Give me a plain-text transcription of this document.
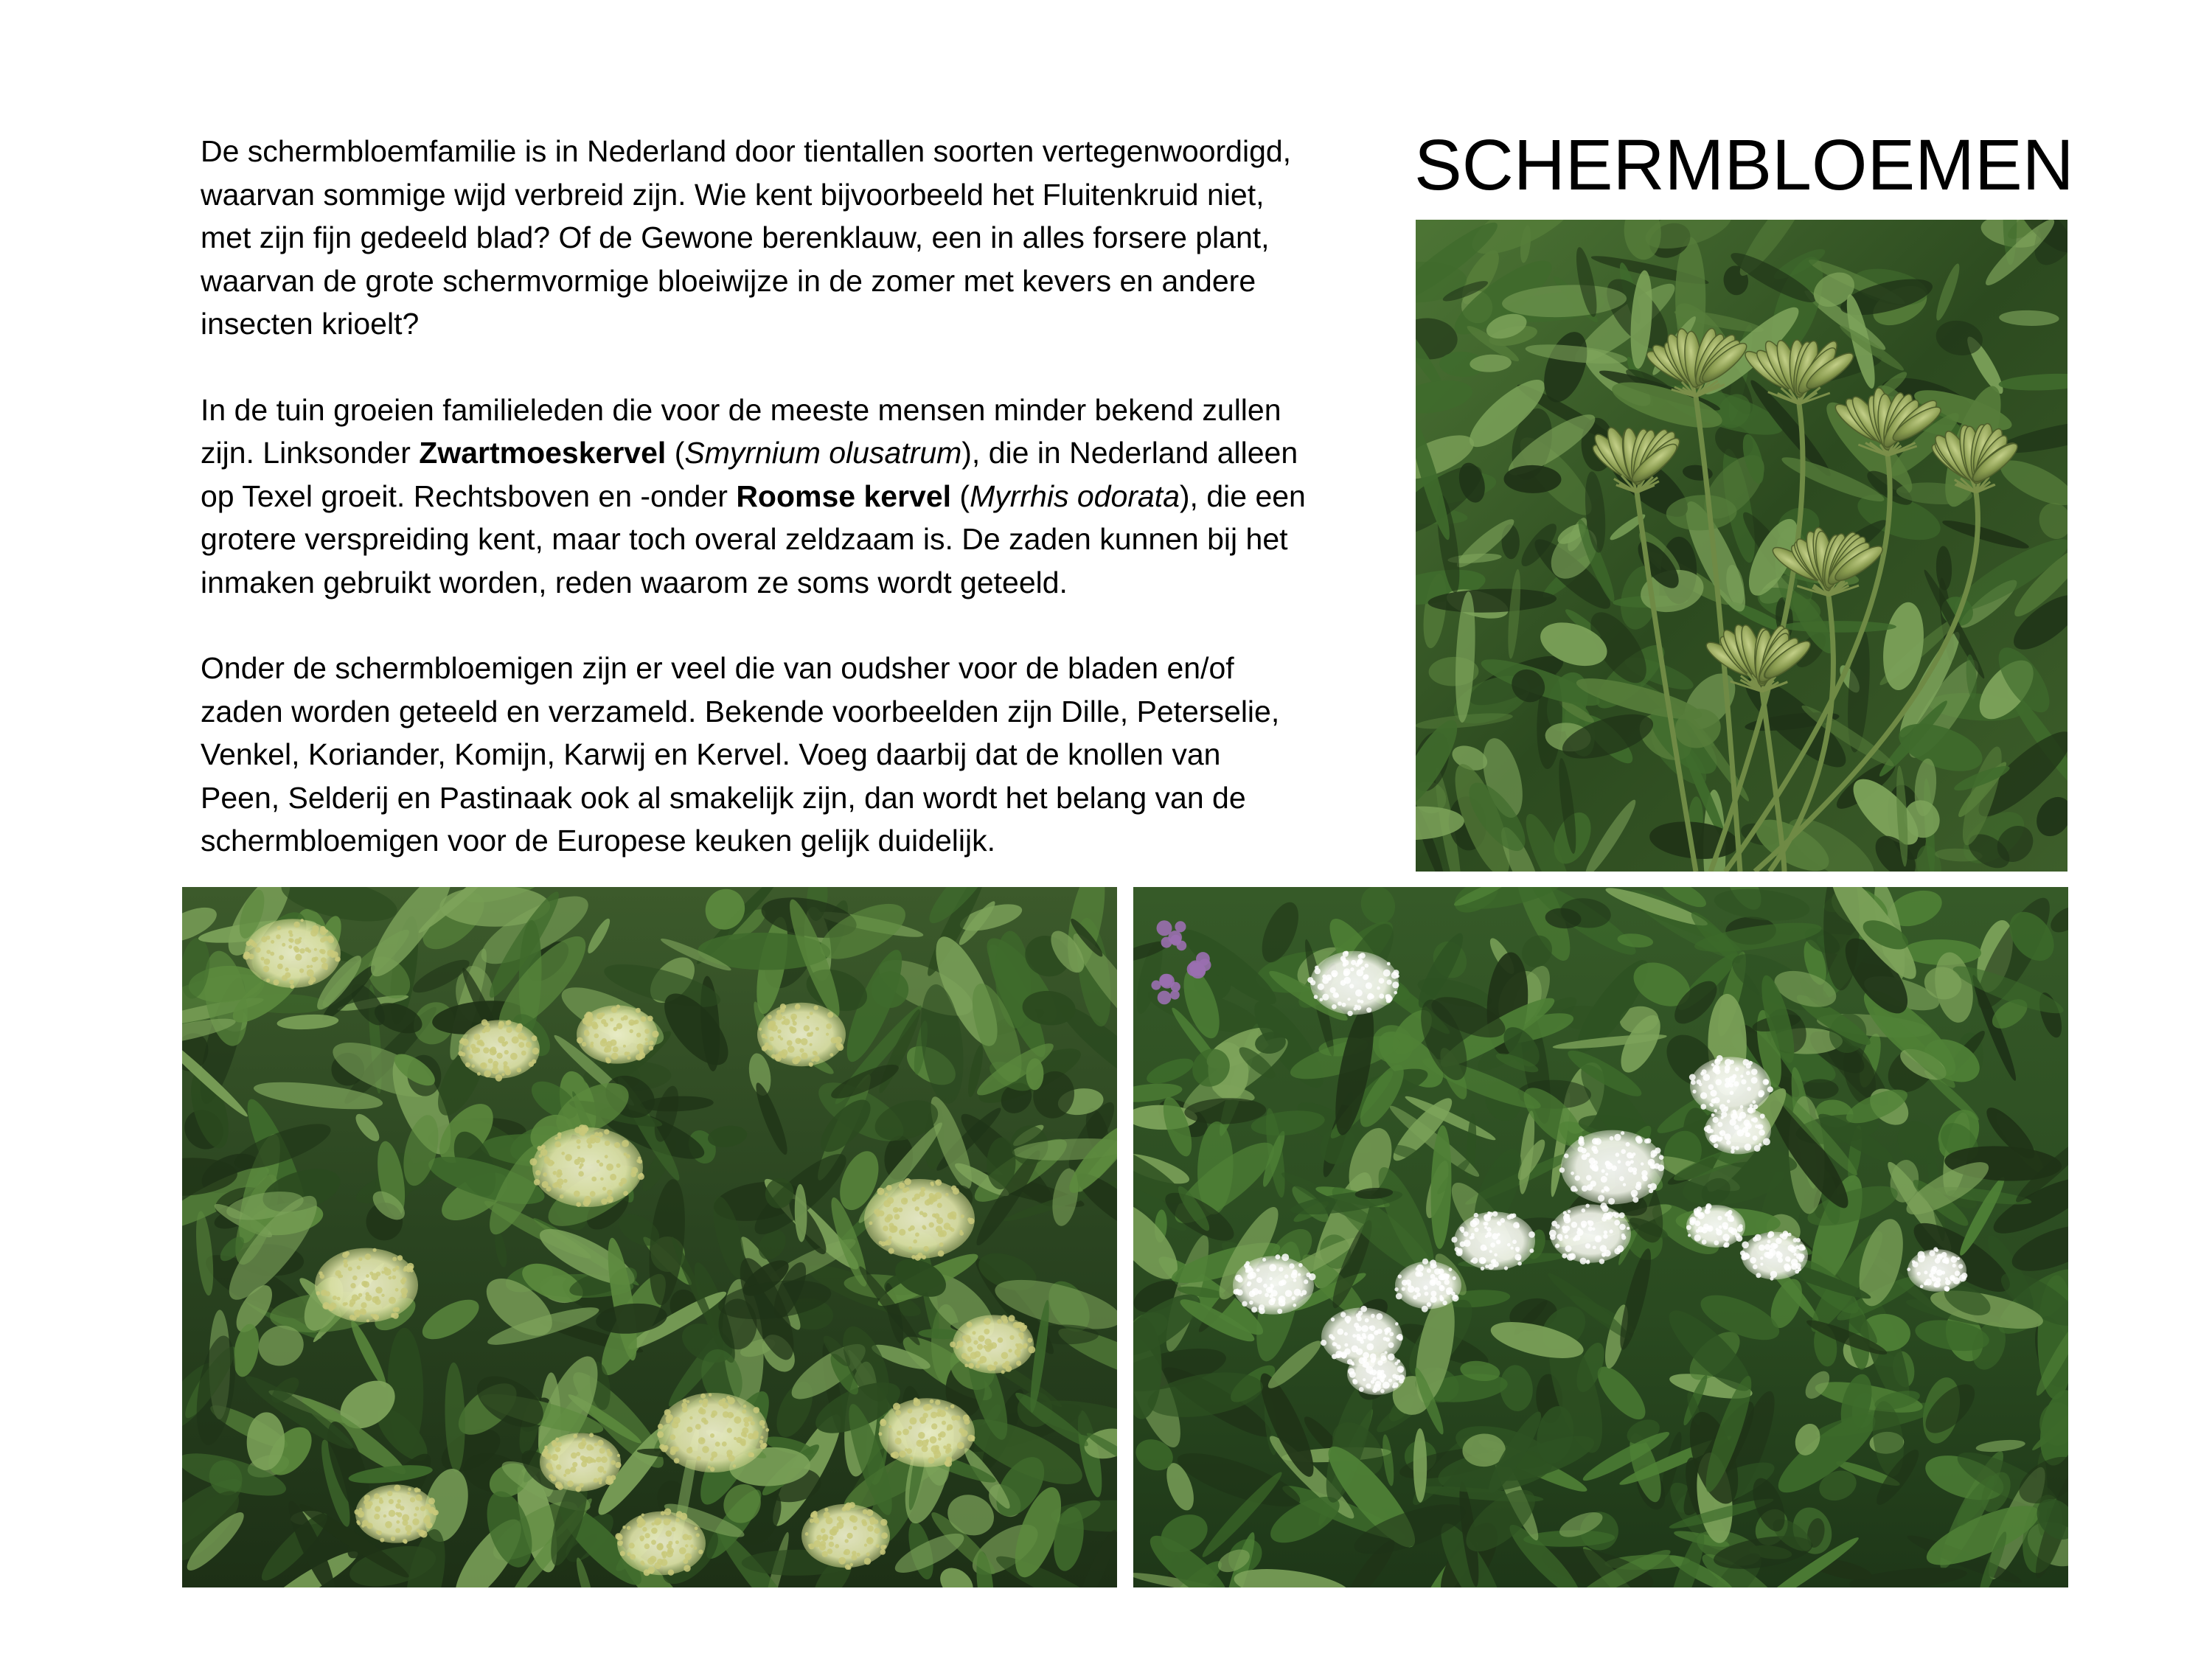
SCHERMBLOEMEN

De schermbloemfamilie is in Nederland door tientallen soorten vertegenwoordigd,
waarvan sommige wijd verbreid zijn. Wie kent bijvoorbeeld het Fluitenkruid niet,
met zijn fijn gedeeld blad? Of de Gewone berenklauw, een in alles forsere plant,
waarvan de grote schermvormige bloeiwijze in de zomer met kevers en andere
insecten krioelt?

In de tuin groeien familieleden die voor de meeste mensen minder bekend zullen
zijn. Linksonder Zwartmoeskervel (Smyrnium olusatrum), die in Nederland alleen
op Texel groeit. Rechtsboven en -onder Roomse kervel (Myrrhis odorata), die een
grotere verspreiding kent, maar toch overal zeldzaam is. De zaden kunnen bij het
inmaken gebruikt worden, reden waarom ze soms wordt geteeld.

Onder de schermbloemigen zijn er veel die van oudsher voor de bladen en/of
zaden worden geteeld en verzameld. Bekende voorbeelden zijn Dille, Peterselie,
Venkel, Koriander, Komijn, Karwij en Kervel. Voeg daarbij dat de knollen van
Peen, Selderij en Pastinaak ook al smakelijk zijn, dan wordt het belang van de
schermbloemigen voor de Europese keuken gelijk duidelijk.
